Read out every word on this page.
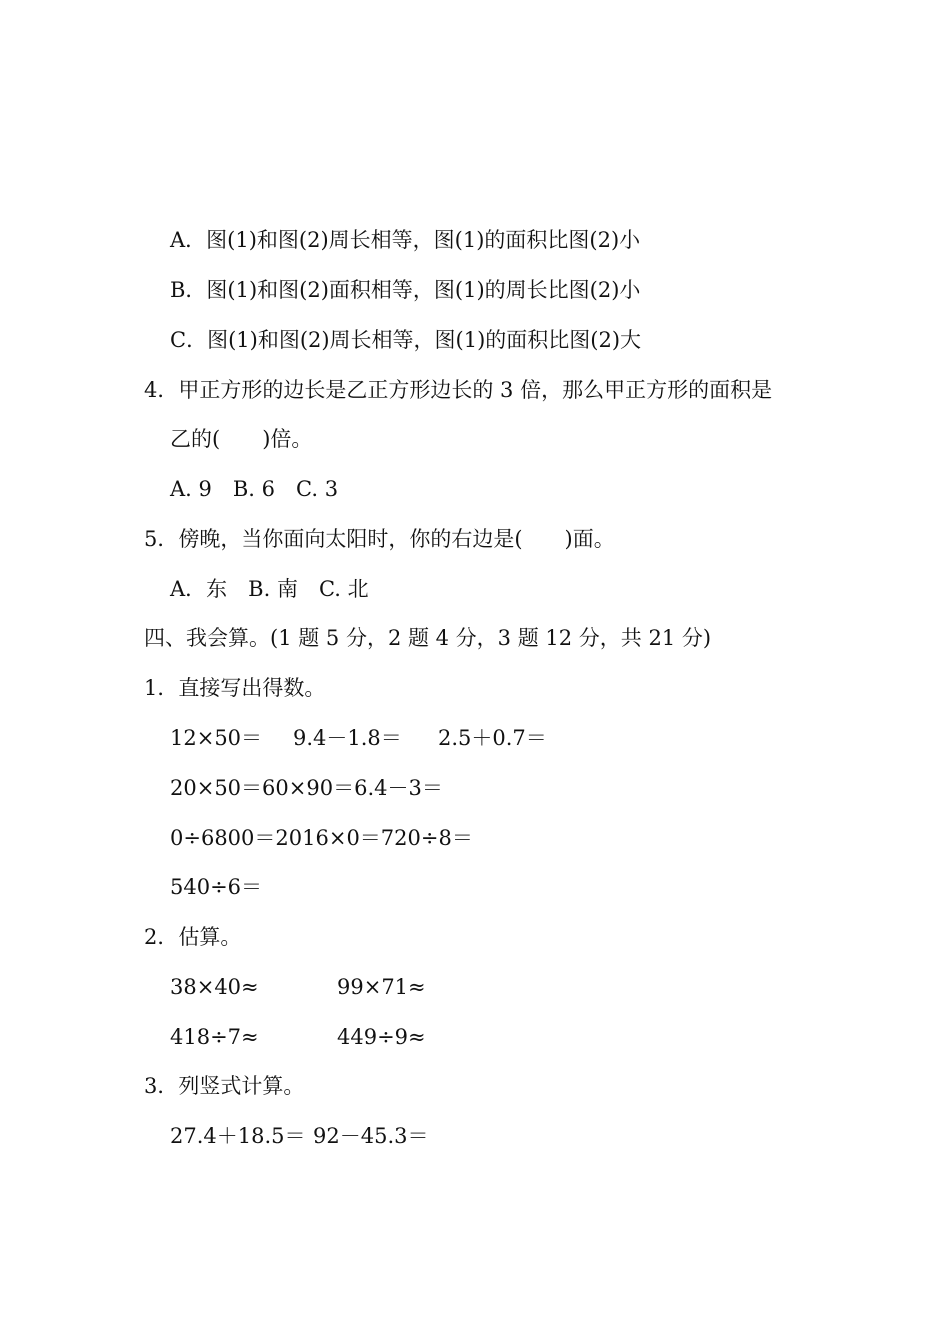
A．图(1)和图(2)周长相等，图(1)的面积比图(2)小
B．图(1)和图(2)面积相等，图(1)的周长比图(2)小
C．图(1)和图(2)周长相等，图(1)的面积比图(2)大
4．甲正方形的边长是乙正方形边长的 3 倍，那么甲正方形的面积是
乙的(　　)倍。
A. 9　B. 6　C. 3
5．傍晚，当你面向太阳时，你的右边是(　　)面。
A．东　B. 南　C. 北
四、我会算。(1 题 5 分，2 题 4 分，3 题 12 分，共 21 分)
1．直接写出得数。
12×50＝ 9.4－1.8＝ 2.5＋0.7＝
20×50＝60×90＝6.4－3＝
0÷6800＝2016×0＝720÷8＝
540÷6＝
2．估算。
38×40≈	99×71≈
418÷7≈	449÷9≈
3．列竖式计算。
27.4＋18.5＝ 92－45.3＝
